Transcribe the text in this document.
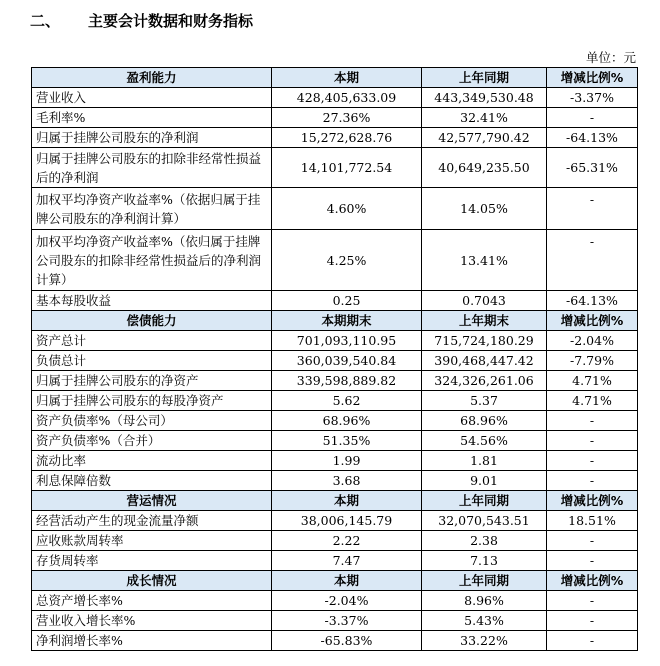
二、 主要会计数据和财务指标
单位：元
盈利能力	本期	上年同期	增减比例%
营业收入	428,405,633.09	443,349,530.48	-3.37%
毛利率%	27.36%	32.41%	-
归属于挂牌公司股东的净利润	15,272,628.76	42,577,790.42	-64.13%
归属于挂牌公司股东的扣除非经常性损益后的净利润	14,101,772.54	40,649,235.50	-65.31%
加权平均净资产收益率%（依据归属于挂牌公司股东的净利润计算）	4.60%	14.05%	-
加权平均净资产收益率%（依归属于挂牌公司股东的扣除非经常性损益后的净利润计算）	4.25%	13.41%	-
基本每股收益	0.25	0.7043	-64.13%
偿债能力	本期期末	上年期末	增减比例%
资产总计	701,093,110.95	715,724,180.29	-2.04%
负债总计	360,039,540.84	390,468,447.42	-7.79%
归属于挂牌公司股东的净资产	339,598,889.82	324,326,261.06	4.71%
归属于挂牌公司股东的每股净资产	5.62	5.37	4.71%
资产负债率%（母公司）	68.96%	68.96%	-
资产负债率%（合并）	51.35%	54.56%	-
流动比率	1.99	1.81	-
利息保障倍数	3.68	9.01	-
营运情况	本期	上年同期	增减比例%
经营活动产生的现金流量净额	38,006,145.79	32,070,543.51	18.51%
应收账款周转率	2.22	2.38	-
存货周转率	7.47	7.13	-
成长情况	本期	上年同期	增减比例%
总资产增长率%	-2.04%	8.96%	-
营业收入增长率%	-3.37%	5.43%	-
净利润增长率%	-65.83%	33.22%	-
